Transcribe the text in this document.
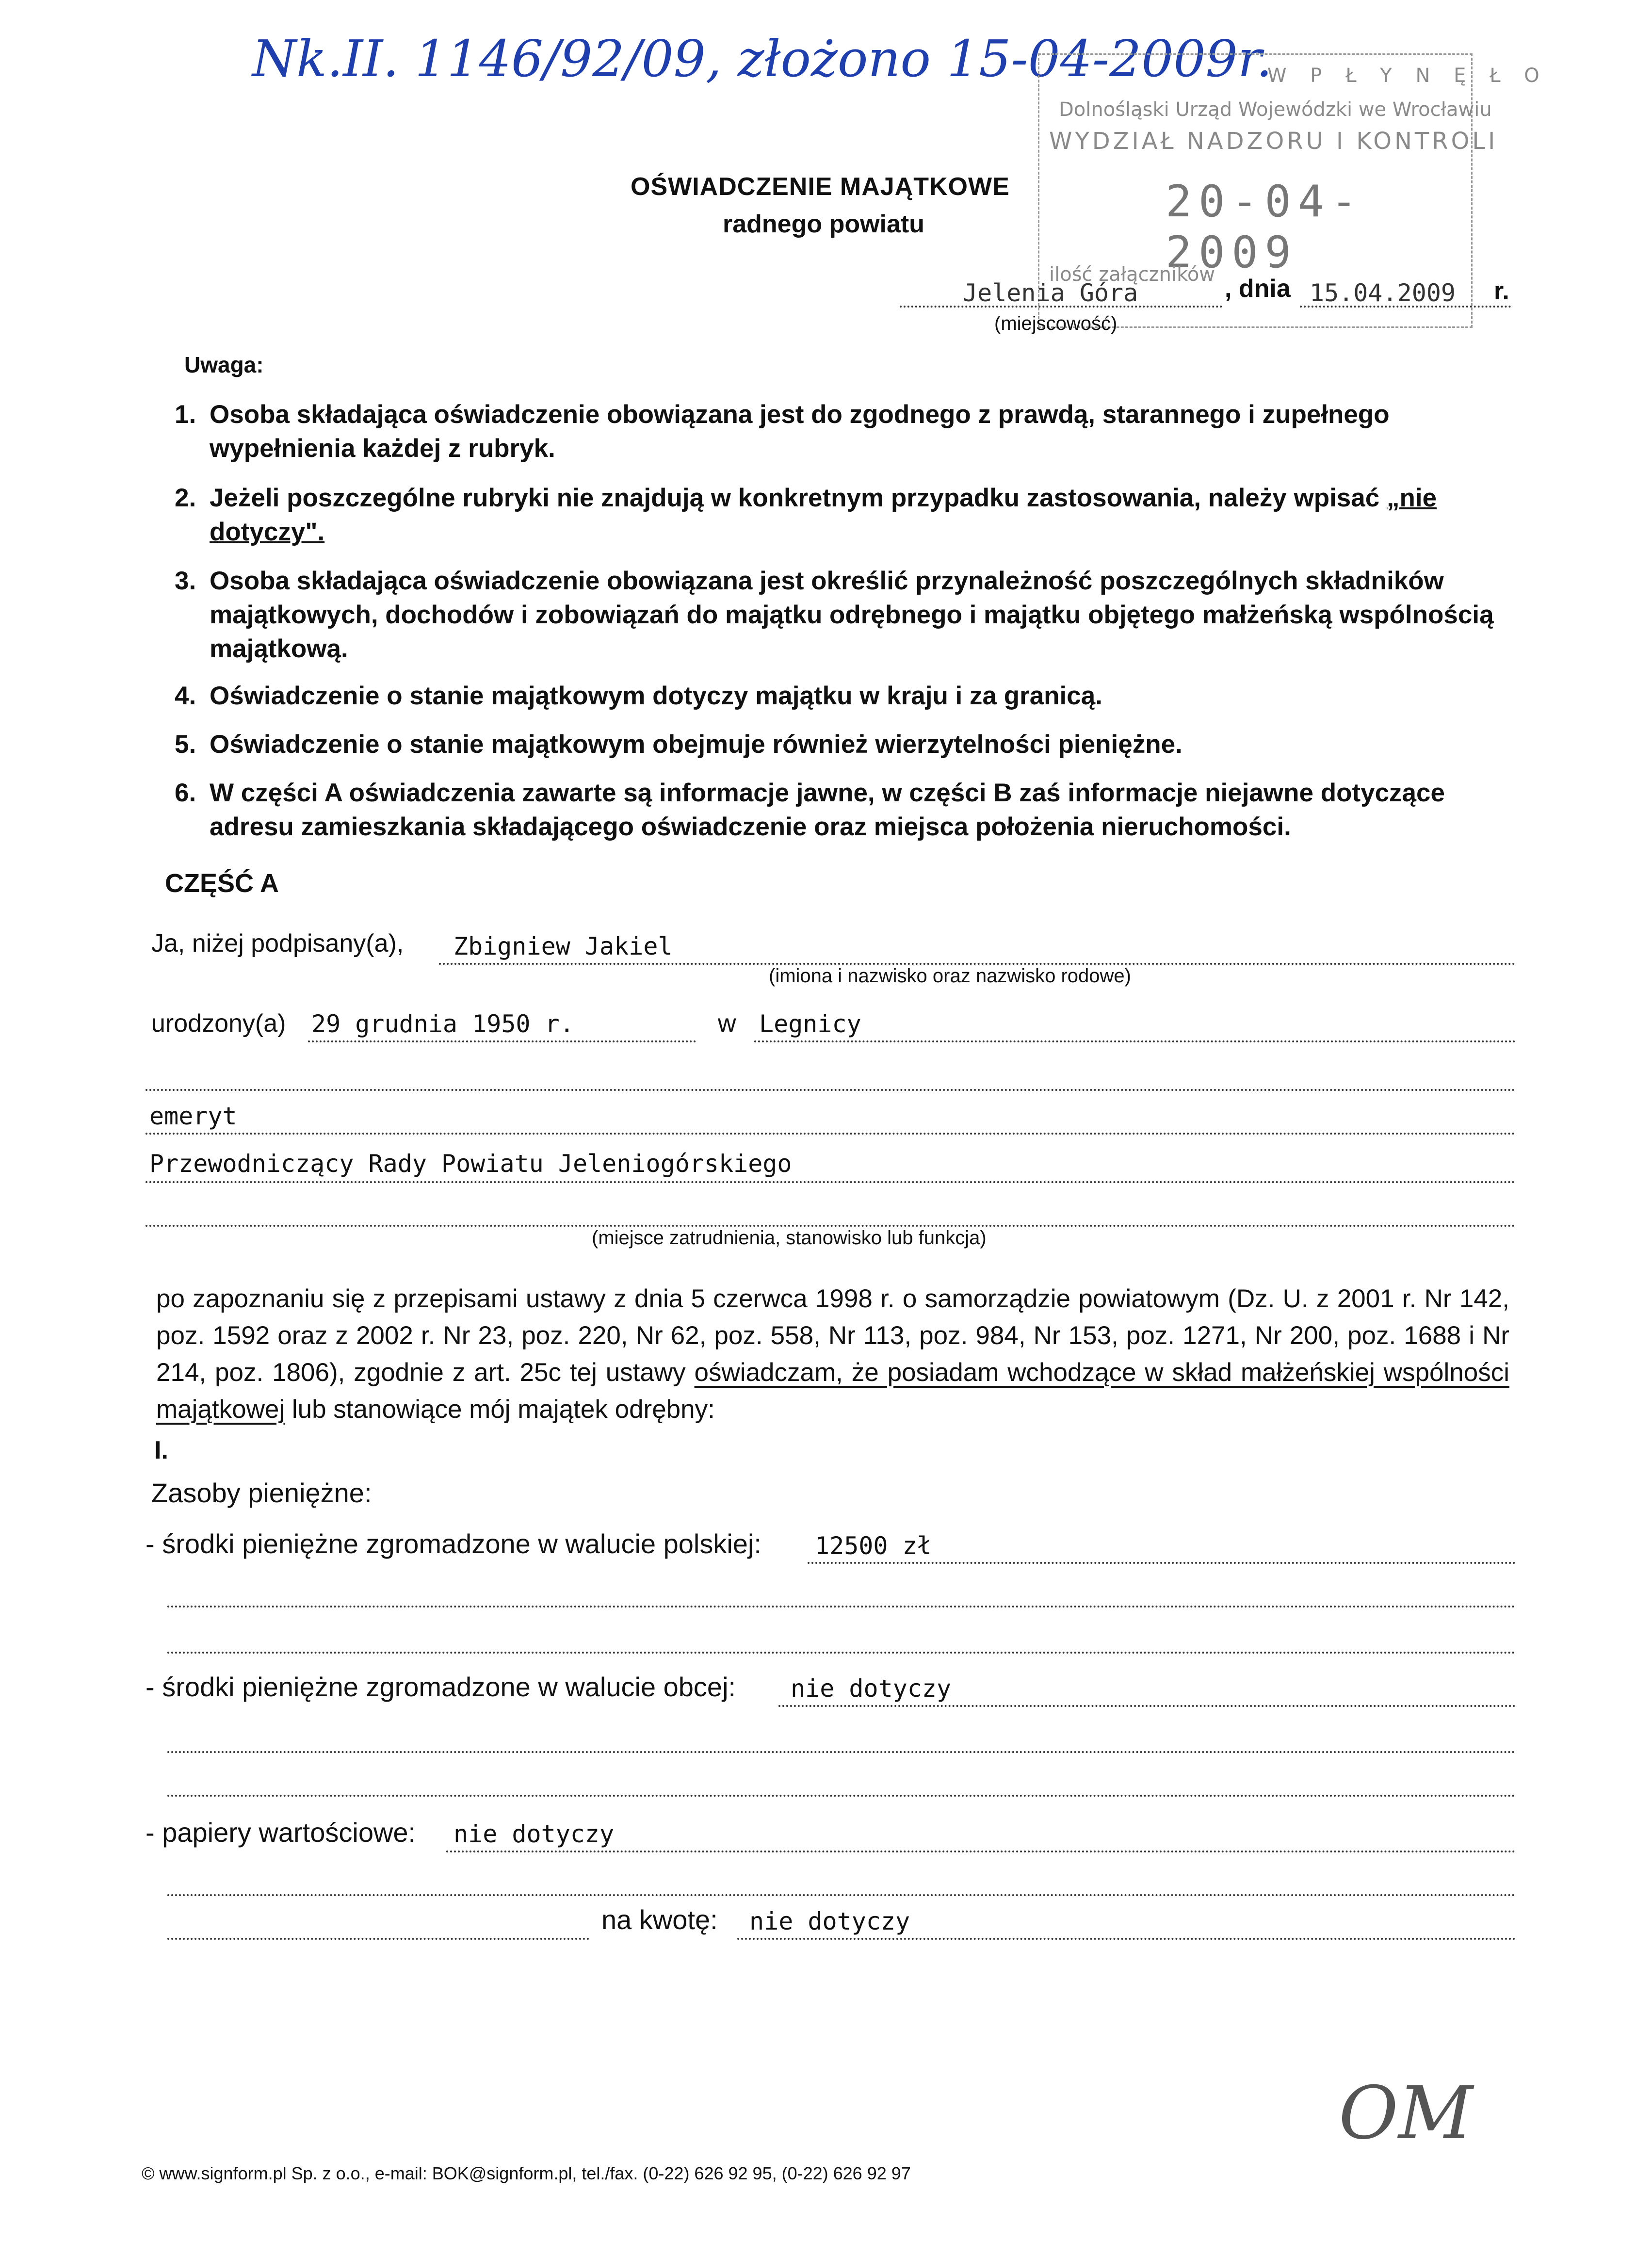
Nk.II. 1146/92/09, złożono 15-04-2009r.
OM
W P Ł Y N Ę Ł O
Dolnośląski Urząd Wojewódzki we Wrocławiu
WYDZIAŁ NADZORU I KONTROLI
20-04-2009
ilość załączników
OŚWIADCZENIE MAJĄTKOWE
radnego powiatu
Jelenia Góra
(miejscowość)
, dnia 15.04.2009 r.
Uwaga:
1. Osoba składająca oświadczenie obowiązana jest do zgodnego z prawdą, starannego i zupełnego wypełnienia każdej z rubryk.
2. Jeżeli poszczególne rubryki nie znajdują w konkretnym przypadku zastosowania, należy wpisać „nie dotyczy".
3. Osoba składająca oświadczenie obowiązana jest określić przynależność poszczególnych składników majątkowych, dochodów i zobowiązań do majątku odrębnego i majątku objętego małżeńską wspólnością majątkową.
4. Oświadczenie o stanie majątkowym dotyczy majątku w kraju i za granicą.
5. Oświadczenie o stanie majątkowym obejmuje również wierzytelności pieniężne.
6. W części A oświadczenia zawarte są informacje jawne, w części B zaś informacje niejawne dotyczące adresu zamieszkania składającego oświadczenie oraz miejsca położenia nieruchomości.
CZĘŚĆ A
Ja, niżej podpisany(a), Zbigniew Jakiel
(imiona i nazwisko oraz nazwisko rodowe)
urodzony(a) 29 grudnia 1950 r.	w Legnicy
emeryt
Przewodniczący Rady Powiatu Jeleniogórskiego
(miejsce zatrudnienia, stanowisko lub funkcja)
po zapoznaniu się z przepisami ustawy z dnia 5 czerwca 1998 r. o samorządzie powiatowym (Dz. U. z 2001 r. Nr 142, poz. 1592 oraz z 2002 r. Nr 23, poz. 220, Nr 62, poz. 558, Nr 113, poz. 984, Nr 153, poz. 1271, Nr 200, poz. 1688 i Nr 214, poz. 1806), zgodnie z art. 25c tej ustawy oświadczam, że posiadam wchodzące w skład małżeńskiej wspólności majątkowej lub stanowiące mój majątek odrębny:
I.
Zasoby pieniężne:
- środki pieniężne zgromadzone w walucie polskiej: 12500 zł
- środki pieniężne zgromadzone w walucie obcej: nie dotyczy
- papiery wartościowe: nie dotyczy
na kwotę: nie dotyczy
© www.signform.pl Sp. z o.o., e-mail: BOK@signform.pl, tel./fax. (0-22) 626 92 95, (0-22) 626 92 97
